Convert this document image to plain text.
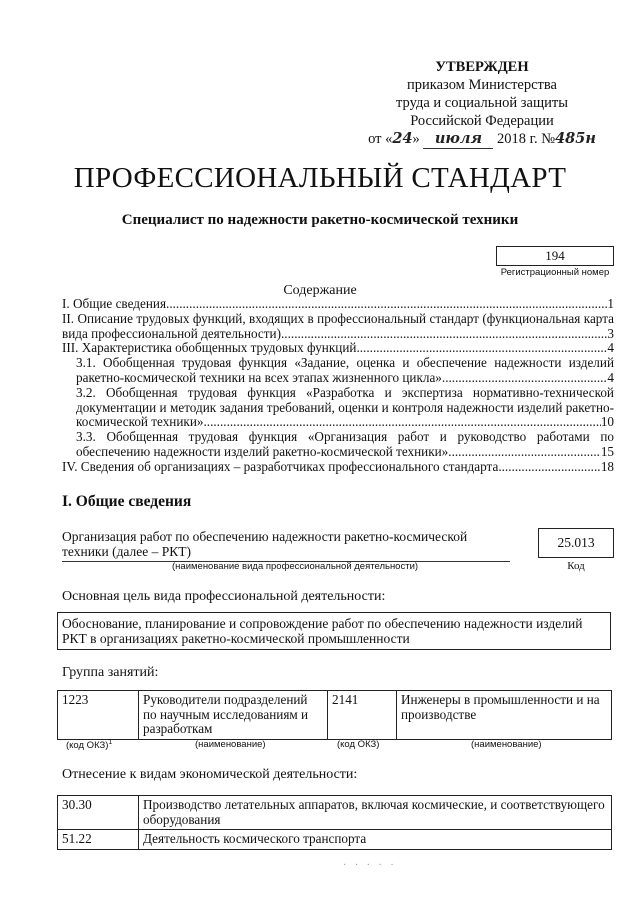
УТВЕРЖДЕН
приказом Министерства
труда и социальной защиты
Российской Федерации
от «24» июля 2018 г. №485н
ПРОФЕССИОНАЛЬНЫЙ СТАНДАРТ
Специалист по надежности ракетно-космической техники
194
Регистрационный номер
Содержание
I. Общие сведения .....	1
II. Описание трудовых функций, входящих в профессиональный стандарт (функциональная карта
вида профессиональной деятельности) .....	3
III. Характеристика обобщенных трудовых функций .....	4
3.1. Обобщенная трудовая функция «Задание, оценка и обеспечение надежности изделий
ракетно-космической техники на всех этапах жизненного цикла» .....	4
3.2. Обобщенная трудовая функция «Разработка и экспертиза нормативно-технической документации и методик задания требований, оценки и контроля надежности изделий ракетно-
космической техники» .....	10
3.3. Обобщенная трудовая функция «Организация работ и руководство работами по
обеспечению надежности изделий ракетно-космической техники» .....	15
IV. Сведения об организациях – разработчиках профессионального стандарта .....	18
I. Общие сведения
Организация работ по обеспечению надежности ракетно-космической техники (далее – РКТ)
(наименование вида профессиональной деятельности)
25.013
Код
Основная цель вида профессиональной деятельности:
Обоснование, планирование и сопровождение работ по обеспечению надежности изделий РКТ в организациях ракетно-космической промышленности
Группа занятий:
1223	Руководители подразделений по научным исследованиям и разработкам	2141	Инженеры в промышленности и на производстве
(код ОКЗ)$^1$	(наименование)	(код ОКЗ)	(наименование)
Отнесение к видам экономической деятельности:
30.30	Производство летательных аппаратов, включая космические, и соответствующего оборудования
51.22	Деятельность космического транспорта
· · · · ·
